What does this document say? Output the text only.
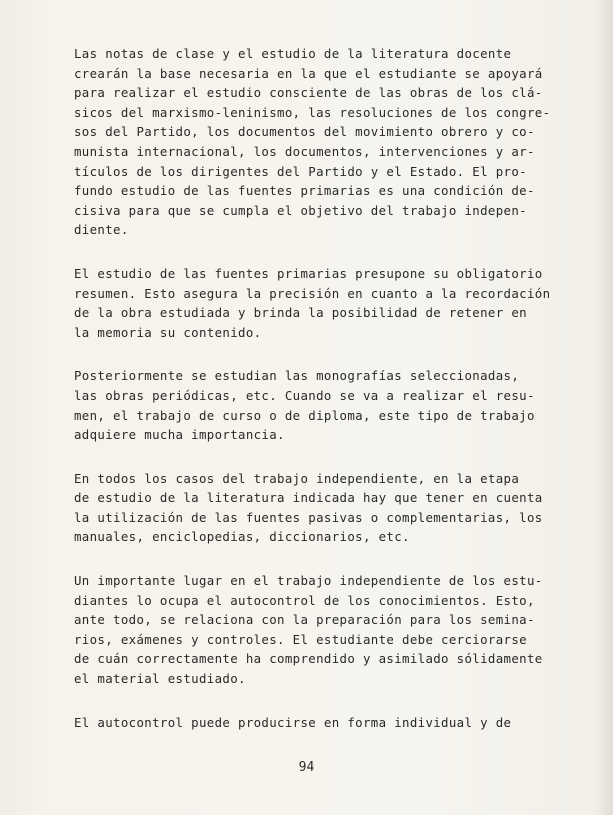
Las notas de clase y el estudio de la literatura docente
crearán la base necesaria en la que el estudiante se apoyará
para realizar el estudio consciente de las obras de los clá-
sicos del marxismo-leninismo, las resoluciones de los congre-
sos del Partido, los documentos del movimiento obrero y co-
munista internacional, los documentos, intervenciones y ar-
tículos de los dirigentes del Partido y el Estado. El pro-
fundo estudio de las fuentes primarias es una condición de-
cisiva para que se cumpla el objetivo del trabajo indepen-
diente.

El estudio de las fuentes primarias presupone su obligatorio
resumen. Esto asegura la precisión en cuanto a la recordación
de la obra estudiada y brinda la posibilidad de retener en
la memoria su contenido.

Posteriormente se estudian las monografías seleccionadas,
las obras periódicas, etc. Cuando se va a realizar el resu-
men, el trabajo de curso o de diploma, este tipo de trabajo
adquiere mucha importancia.

En todos los casos del trabajo independiente, en la etapa
de estudio de la literatura indicada hay que tener en cuenta
la utilización de las fuentes pasivas o complementarias, los
manuales, enciclopedias, diccionarios, etc.

Un importante lugar en el trabajo independiente de los estu-
diantes lo ocupa el autocontrol de los conocimientos. Esto,
ante todo, se relaciona con la preparación para los semina-
rios, exámenes y controles. El estudiante debe cerciorarse
de cuán correctamente ha comprendido y asimilado sólidamente
el material estudiado.

El autocontrol puede producirse en forma individual y de

94
